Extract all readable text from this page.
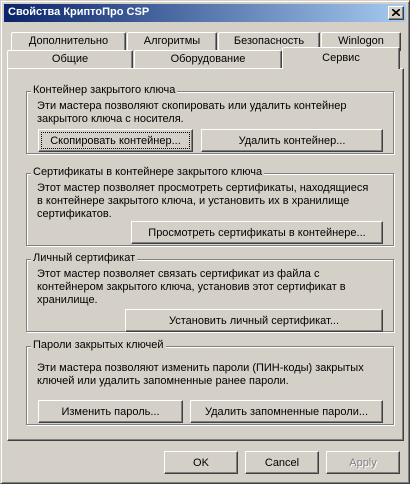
Свойства КриптоПро CSP
Дополнительно	Алгоритмы	Безопасность	Winlogon
Общие	Оборудование	Сервис
Контейнер закрытого ключа
Эти мастера позволяют скопировать или удалить контейнер
закрытого ключа с носителя.
Скопировать контейнер...	Удалить контейнер...
Сертификаты в контейнере закрытого ключа
Этот мастер позволяет просмотреть сертификаты, находящиеся
в контейнере закрытого ключа, и установить их в хранилище
сертификатов.
Просмотреть сертификаты в контейнере...
Личный сертификат
Этот мастер позволяет связать сертификат из файла с
контейнером закрытого ключа, установив этот сертификат в
хранилище.
Установить личный сертификат...
Пароли закрытых ключей
Эти мастера позволяют изменить пароли (ПИН-коды) закрытых
ключей или удалить запомненные ранее пароли.
Изменить пароль...	Удалить запомненные пароли...
OK	Cancel	Apply
